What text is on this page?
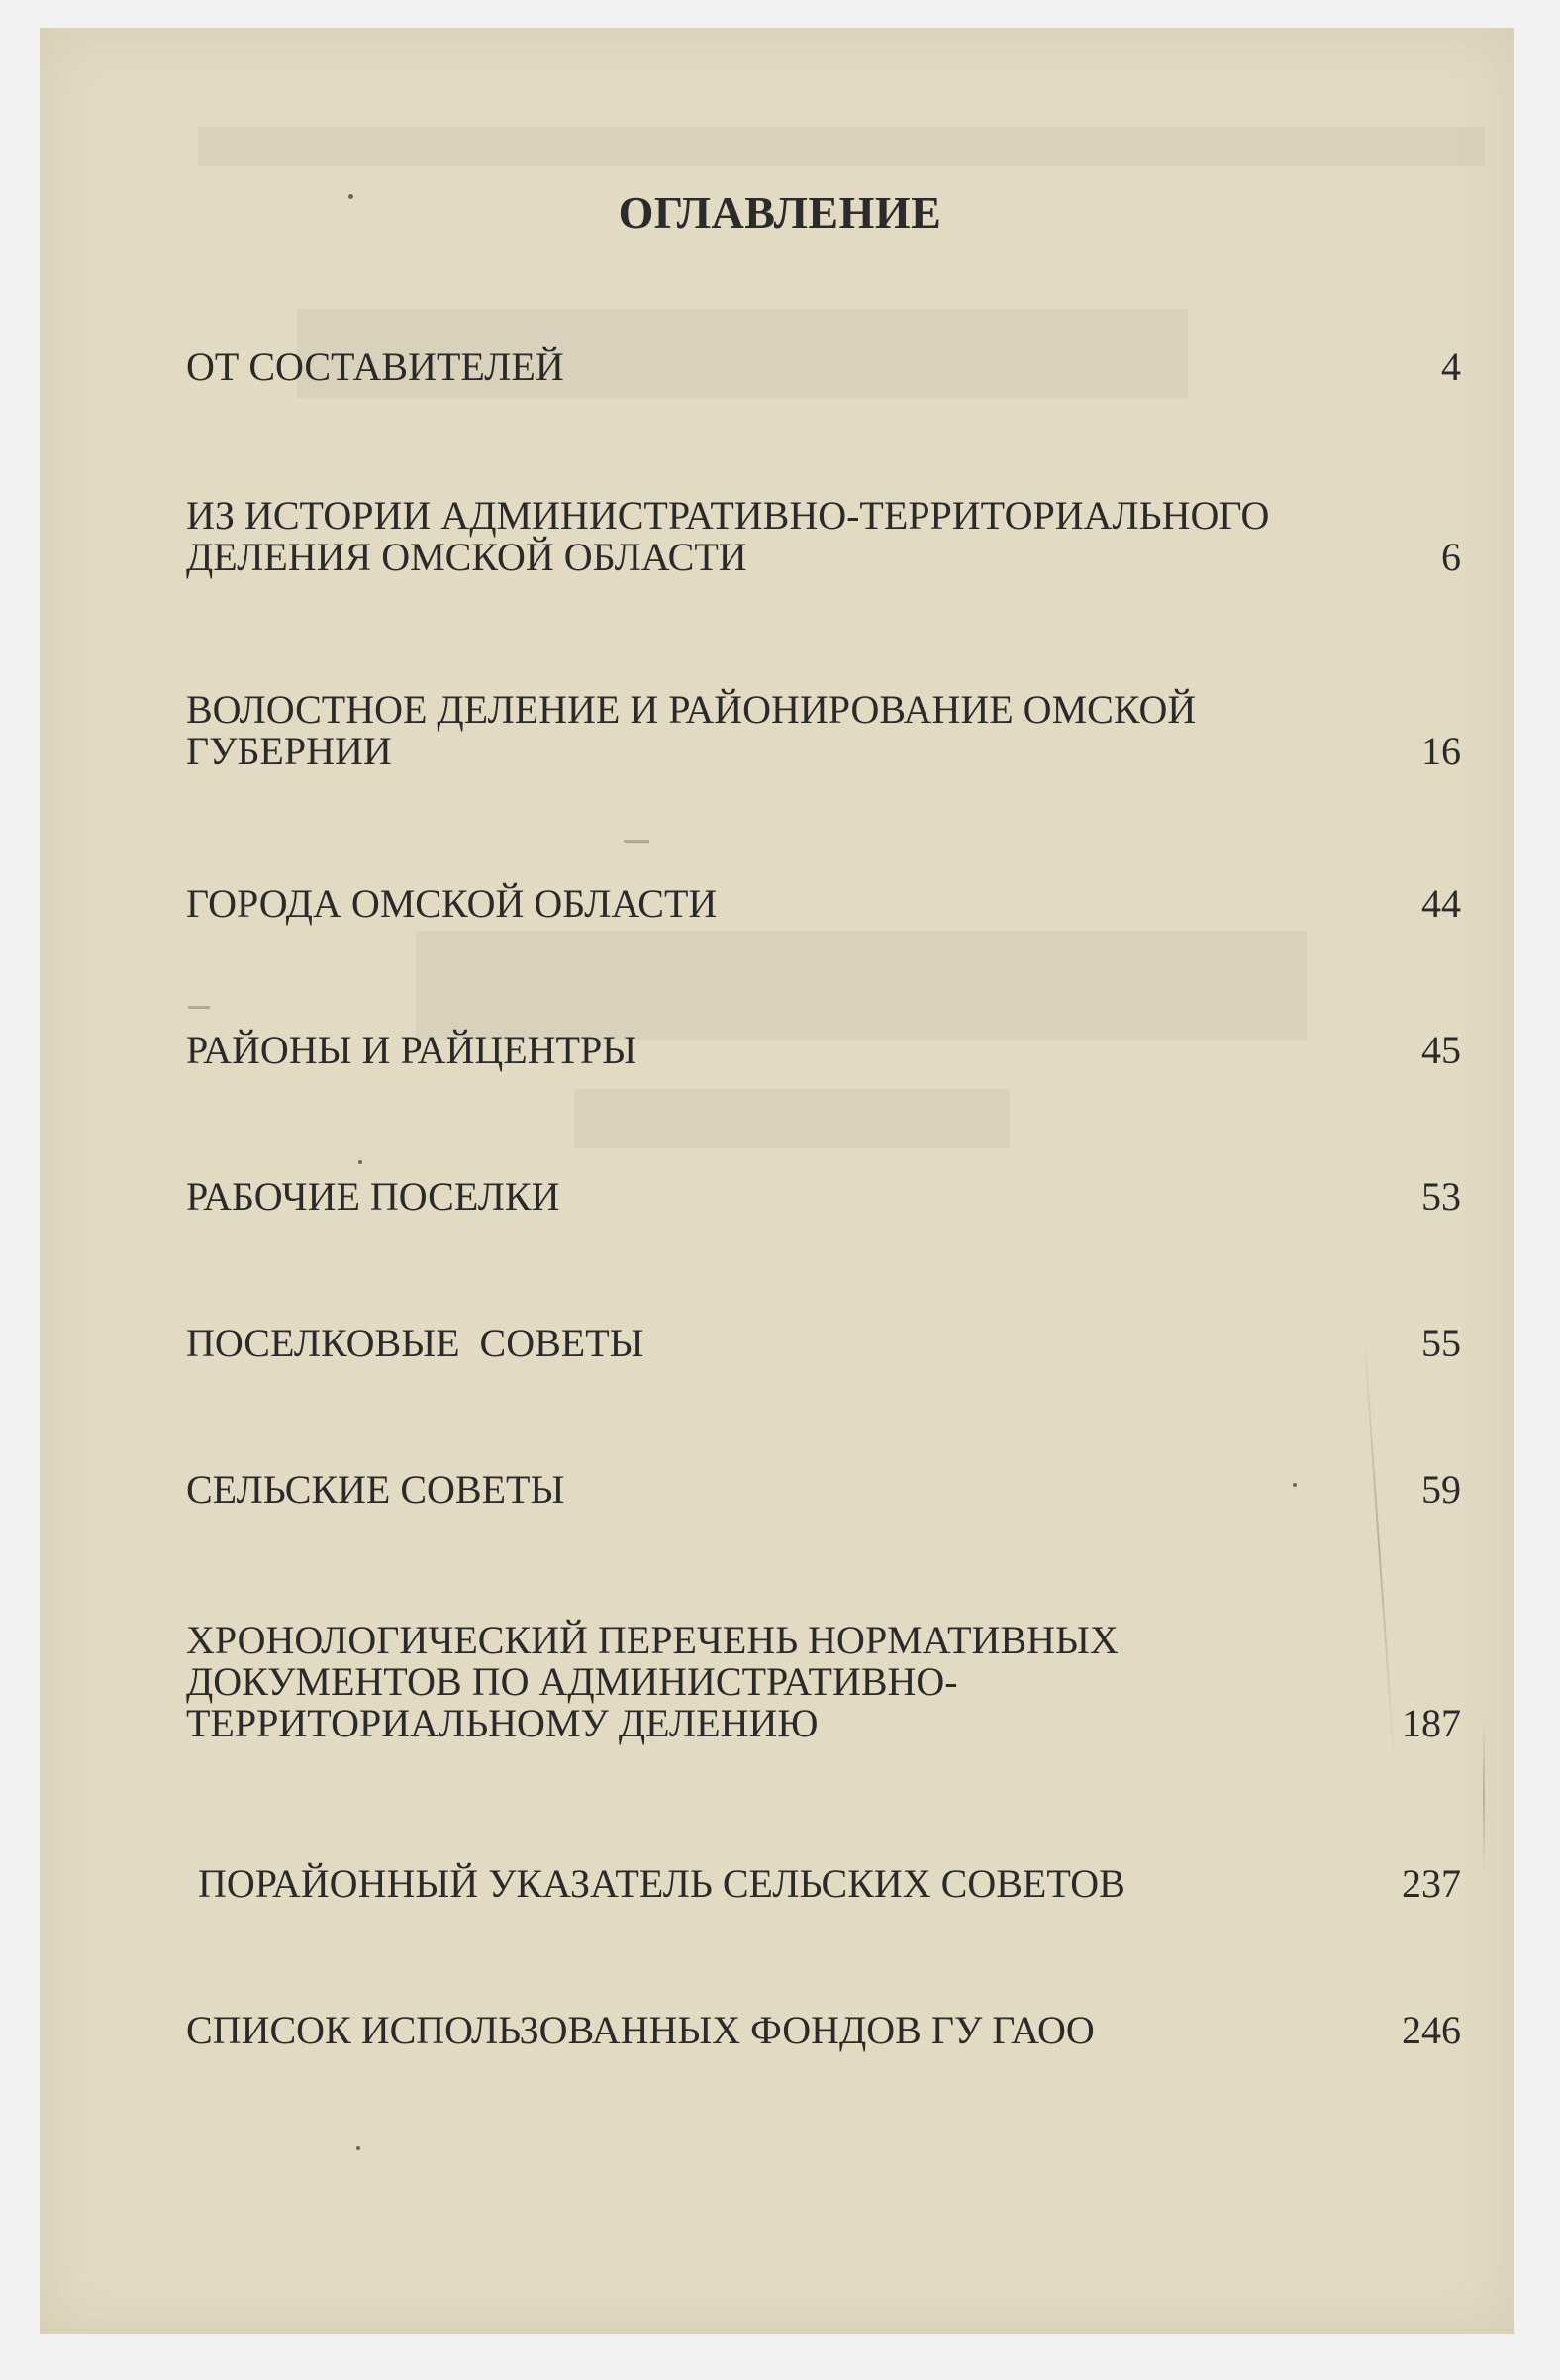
ОГЛАВЛЕНИЕ
ОТ СОСТАВИТЕЛЕЙ	4
ИЗ ИСТОРИИ АДМИНИСТРАТИВНО-ТЕРРИТОРИАЛЬНОГО
ДЕЛЕНИЯ ОМСКОЙ ОБЛАСТИ	6
ВОЛОСТНОЕ ДЕЛЕНИЕ И РАЙОНИРОВАНИЕ ОМСКОЙ
ГУБЕРНИИ	16
ГОРОДА ОМСКОЙ ОБЛАСТИ	44
РАЙОНЫ И РАЙЦЕНТРЫ	45
РАБОЧИЕ ПОСЕЛКИ	53
ПОСЕЛКОВЫЕ  СОВЕТЫ	55
СЕЛЬСКИЕ СОВЕТЫ	59
ХРОНОЛОГИЧЕСКИЙ ПЕРЕЧЕНЬ НОРМАТИВНЫХ
ДОКУМЕНТОВ ПО АДМИНИСТРАТИВНО-
ТЕРРИТОРИАЛЬНОМУ ДЕЛЕНИЮ	187
ПОРАЙОННЫЙ УКАЗАТЕЛЬ СЕЛЬСКИХ СОВЕТОВ	237
СПИСОК ИСПОЛЬЗОВАННЫХ ФОНДОВ ГУ ГАОО	246
